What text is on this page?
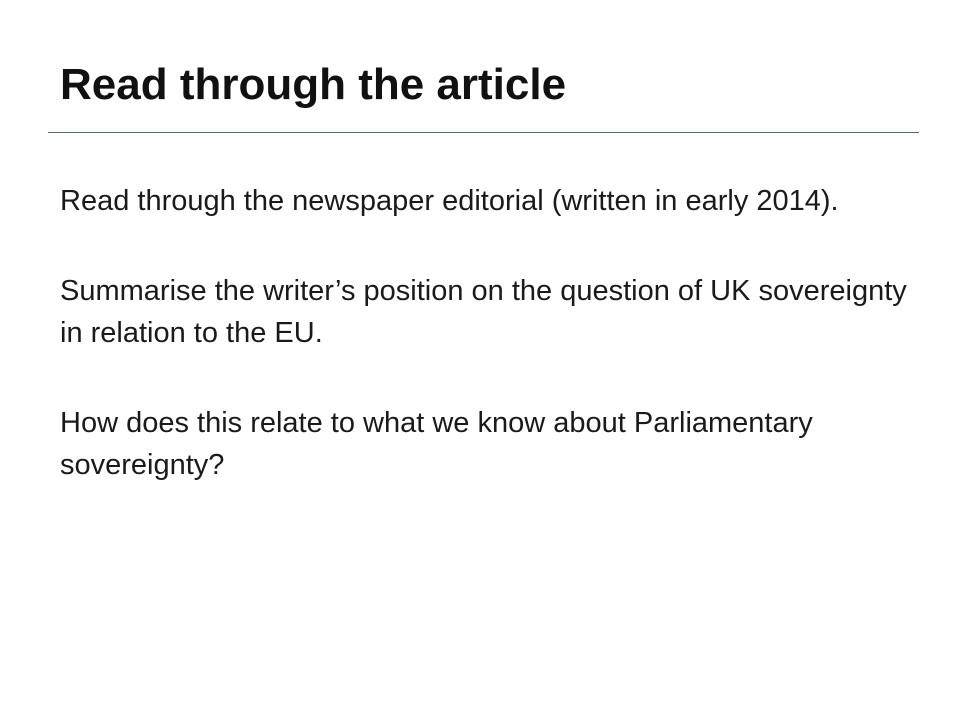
Read through the article

Read through the newspaper editorial (written in early 2014).

Summarise the writer’s position on the question of UK sovereignty in relation to the EU.

How does this relate to what we know about Parliamentary sovereignty?
